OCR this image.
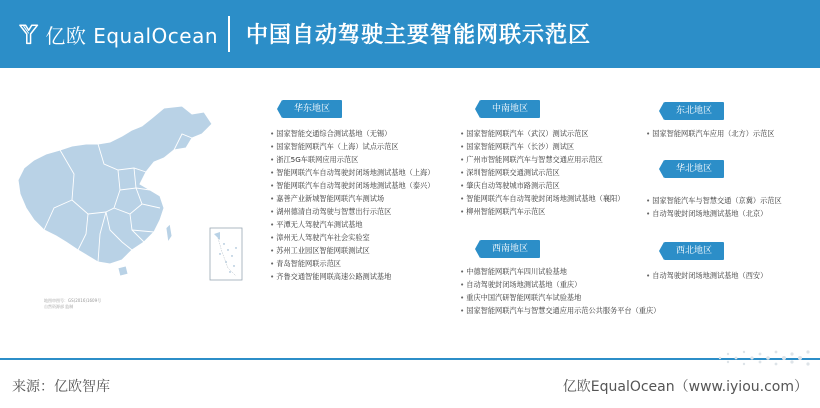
亿欧 EqualOcean 中国自动驾驶主要智能网联示范区
地图审图号：GS(2016)1609号
自然资源部 监制
华东地区
• 国家智能交通综合测试基地（无锡）
• 国家智能网联汽车（上海）试点示范区
• 浙江5G车联网应用示范区
• 智能网联汽车自动驾驶封闭场地测试基地（上海）
• 智能网联汽车自动驾驶封闭场地测试基地（泰兴）
• 嘉善产业新城智能网联汽车测试场
• 湖州德清自动驾驶与智慧出行示范区
• 平潭无人驾驶汽车测试基地
• 漳州无人驾驶汽车社会实验室
• 苏州工业园区智能网联测试区
• 青岛智能网联示范区
• 齐鲁交通智能网联高速公路测试基地
中南地区
• 国家智能网联汽车（武汉）测试示范区
• 国家智能网联汽车（长沙）测试区
• 广州市智能网联汽车与智慧交通应用示范区
• 深圳智能网联交通测试示范区
• 肇庆自动驾驶城市路测示范区
• 智能网联汽车自动驾驶封闭场地测试基地（襄阳）
• 柳州智能网联汽车示范区
西南地区
• 中德智能网联汽车四川试验基地
• 自动驾驶封闭场地测试基地（重庆）
• 重庆中国汽研智能网联汽车试验基地
• 国家智能网联汽车与智慧交通应用示范公共服务平台（重庆）
东北地区
• 国家智能网联汽车应用（北方）示范区
华北地区
• 国家智能汽车与智慧交通（京冀）示范区
• 自动驾驶封闭场地测试基地（北京）
西北地区
• 自动驾驶封闭场地测试基地（西安）
来源：亿欧智库	亿欧EqualOcean（www.iyiou.com）
